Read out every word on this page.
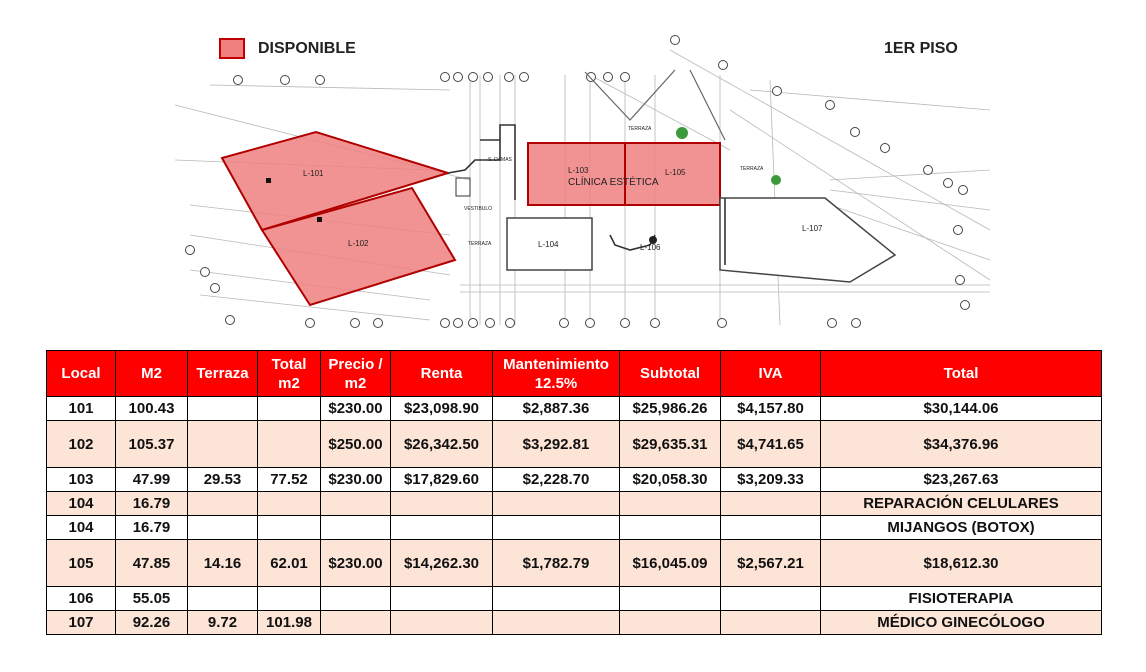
DISPONIBLE	1ER PISO
L-101
L-102
L-103
L-104
L-105
L-106
L-107
CLÍNICA ESTÉTICA
TERRAZA
TERRAZA
TERRAZA
VESTIBULO
S. DAMAS
Local	M2	Terraza	Total m2	Precio / m2	Renta	Mantenimiento 12.5%	Subtotal	IVA	Total
101	100.43			$230.00	$23,098.90	$2,887.36	$25,986.26	$4,157.80	$30,144.06
102	105.37			$250.00	$26,342.50	$3,292.81	$29,635.31	$4,741.65	$34,376.96
103	47.99	29.53	77.52	$230.00	$17,829.60	$2,228.70	$20,058.30	$3,209.33	$23,267.63
104	16.79								REPARACIÓN CELULARES
104	16.79								MIJANGOS (BOTOX)
105	47.85	14.16	62.01	$230.00	$14,262.30	$1,782.79	$16,045.09	$2,567.21	$18,612.30
106	55.05								FISIOTERAPIA
107	92.26	9.72	101.98						MÉDICO GINECÓLOGO
